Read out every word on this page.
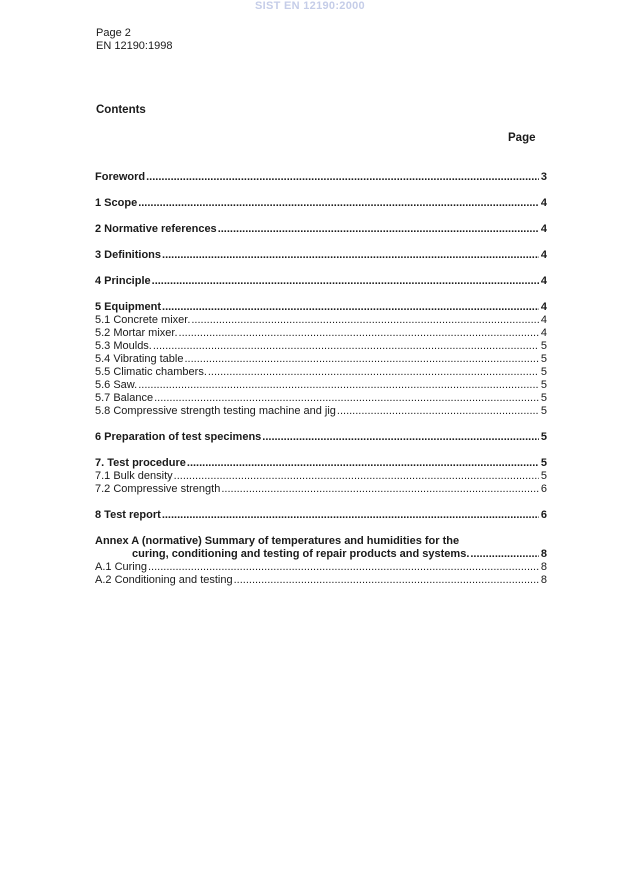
SIST EN 12190:2000
Page 2
EN 12190:1998
Contents
Page
Foreword .....	3
1 Scope .....	4
2 Normative references .....	4
3 Definitions .....	4
4 Principle .....	4
5 Equipment .....	4
5.1 Concrete mixer. .....	4
5.2 Mortar mixer. .....	4
5.3 Moulds. .....	5
5.4 Vibrating table .....	5
5.5 Climatic chambers. .....	5
5.6 Saw. .....	5
5.7 Balance .....	5
5.8 Compressive strength testing machine and jig .....	5
6 Preparation of test specimens .....	5
7. Test procedure .....	5
7.1 Bulk density .....	5
7.2 Compressive strength .....	6
8 Test report .....	6
Annex A (normative) Summary of temperatures and humidities for the
curing, conditioning and testing of repair products and systems. .....	8
A.1 Curing .....	8
A.2 Conditioning and testing .....	8
